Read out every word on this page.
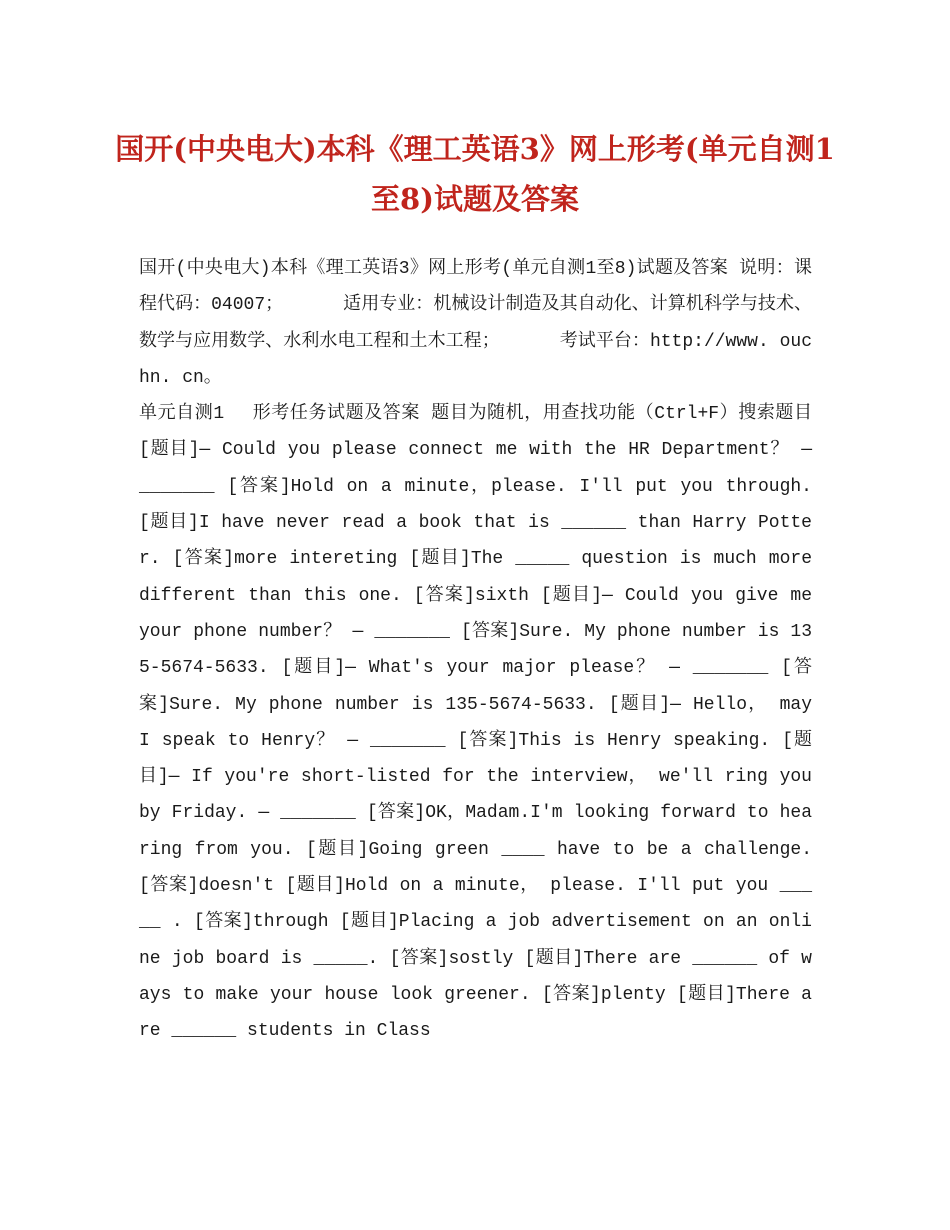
国开(中央电大)本科《理工英语3》网上形考(单元自测1至8)试题及答案

国开(中央电大)本科《理工英语3》网上形考(单元自测1至8)试题及答案 说明：课程代码：04007；	适用专业：机械设计制造及其自动化、计算机科学与技术、数学与应用数学、水利水电工程和土木工程；	考试平台：http://www. ouchn. cn。

单元自测1 形考任务试题及答案 题目为随机，用查找功能（Ctrl+F）搜索题目 [题目]— Could you please connect me with the HR Department？ — _______ [答案]Hold on a minute，please. I′ll put you through. [题目]I have never read a book that is ______ than Harry Potter. [答案]more intereting [题目]The _____ question is much more different than this one. [答案]sixth [题目]— Could you give me your phone number？ — _______ [答案]Sure. My phone number is 135-5674-5633. [题目]— What′s your major please？ — _______ [答案]Sure. My phone number is 135-5674-5633. [题目]— Hello， may I speak to Henry？ — _______ [答案]This is Henry speaking. [题目]— If you′re short-listed for the interview， we′ll ring you by Friday. — _______ [答案]OK，Madam.I′m looking forward to hearing from you. [题目]Going green ____ have to be a challenge. [答案]doesn′t [题目]Hold on a minute， please. I′ll put you _____ . [答案]through [题目]Placing a job advertisement on an online job board is _____. [答案]sostly [题目]There are ______ of ways to make your house look greener. [答案]plenty [题目]There are ______ students in Class
